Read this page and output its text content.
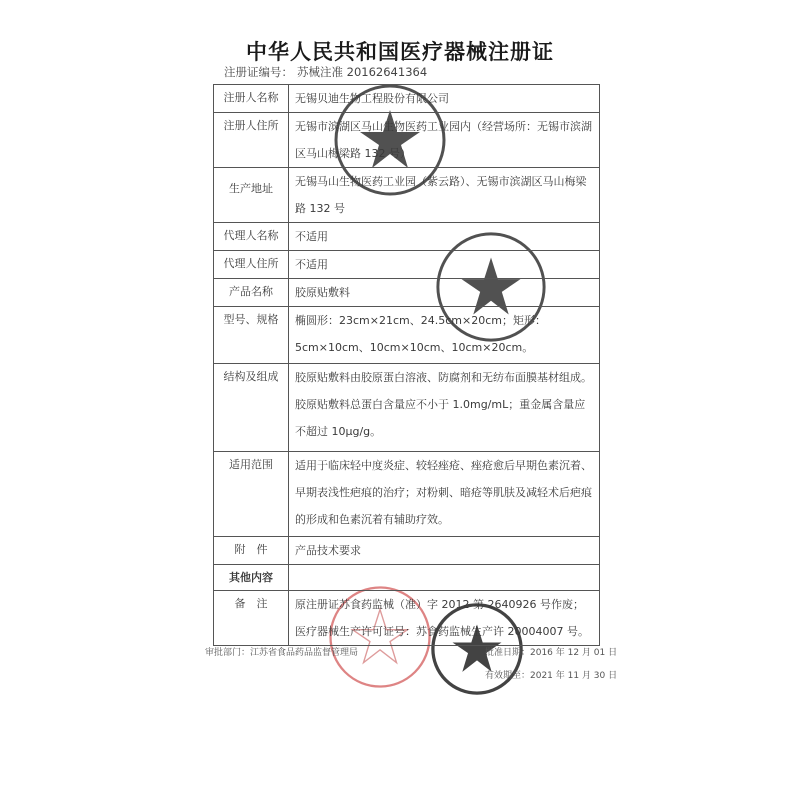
中华人民共和国医疗器械注册证
注册证编号： 苏械注准 20162641364
注册人名称	无锡贝迪生物工程股份有限公司
注册人住所	无锡市滨湖区马山生物医药工业园内（经营场所：无锡市滨湖区马山梅梁路 132 号）
生产地址	无锡马山生物医药工业园（紫云路）、无锡市滨湖区马山梅梁路 132 号
代理人名称	不适用
代理人住所	不适用
产品名称	胶原贴敷料
型号、规格	椭圆形：23cm×21cm、24.5cm×20cm；矩形：5cm×10cm、10cm×10cm、10cm×20cm。
结构及组成	胶原贴敷料由胶原蛋白溶液、防腐剂和无纺布面膜基材组成。胶原贴敷料总蛋白含量应不小于 1.0mg/mL；重金属含量应不超过 10μg/g。
适用范围	适用于临床轻中度炎症、较轻痤疮、痤疮愈后早期色素沉着、早期表浅性疤痕的治疗；对粉刺、暗疮等肌肤及减轻术后疤痕的形成和色素沉着有辅助疗效。
附　件	产品技术要求
其他内容	
备　注	原注册证苏食药监械（准）字 2012 第 2640926 号作废；医疗器械生产许可证号：苏食药监械生产许 20004007 号。
审批部门：江苏省食品药品监督管理局	批准日期：2016 年 12 月 01 日
有效期至：2021 年 11 月 30 日
